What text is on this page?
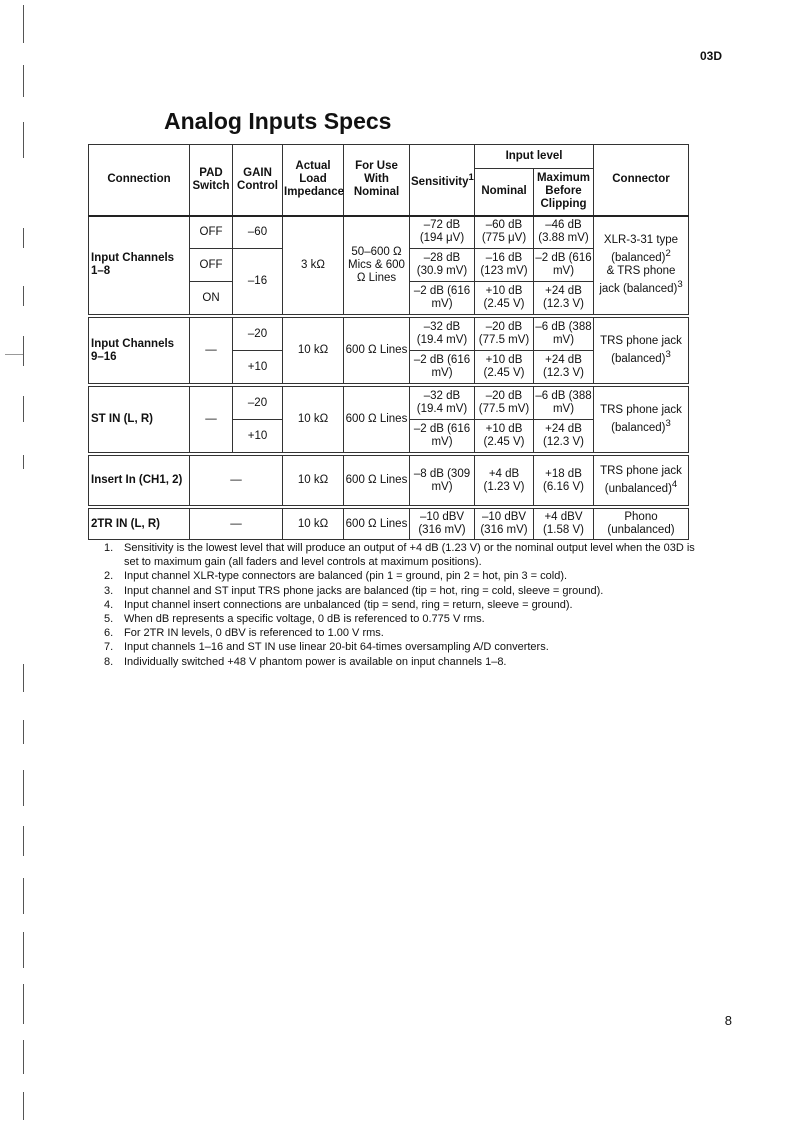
03D
Analog Inputs Specs
Connection	PAD Switch	GAIN Control	Actual Load Impedance	For Use With Nominal	Sensitivity$^1$	Input level		Connector
						Nominal	Maximum Before Clipping	
Input Channels 1–8	OFF	–60	3 kΩ	50–600 Ω Mics & 600 Ω Lines	–72 dB (194 μV)	–60 dB (775 μV)	–46 dB (3.88 mV)	XLR-3-31 type (balanced)$^2$
& TRS phone jack (balanced)$^3$
	OFF	–16			–28 dB (30.9 mV)	–16 dB (123 mV)	–2 dB (616 mV)	
	ON				–2 dB (616 mV)	+10 dB (2.45 V)	+24 dB (12.3 V)	

Input Channels 9–16	—	–20	10 kΩ	600 Ω Lines	–32 dB (19.4 mV)	–20 dB (77.5 mV)	–6 dB (388 mV)	TRS phone jack (balanced)$^3$
		+10			–2 dB (616 mV)	+10 dB (2.45 V)	+24 dB (12.3 V)	

ST IN (L, R)	—	–20	10 kΩ	600 Ω Lines	–32 dB (19.4 mV)	–20 dB (77.5 mV)	–6 dB (388 mV)	TRS phone jack (balanced)$^3$
		+10			–2 dB (616 mV)	+10 dB (2.45 V)	+24 dB (12.3 V)	

Insert In (CH1, 2)	—		10 kΩ	600 Ω Lines	–8 dB (309 mV)	+4 dB (1.23 V)	+18 dB (6.16 V)	TRS phone jack (unbalanced)$^4$

2TR IN (L, R)	—		10 kΩ	600 Ω Lines	–10 dBV (316 mV)	–10 dBV (316 mV)	+4 dBV (1.58 V)	Phono (unbalanced)
1. Sensitivity is the lowest level that will produce an output of +4 dB (1.23 V) or the nominal output level when the 03D is set to maximum gain (all faders and level controls at maximum positions).
2. Input channel XLR-type connectors are balanced (pin 1 = ground, pin 2 = hot, pin 3 = cold).
3. Input channel and ST input TRS phone jacks are balanced (tip = hot, ring = cold, sleeve = ground).
4. Input channel insert connections are unbalanced (tip = send, ring = return, sleeve = ground).
5. When dB represents a specific voltage, 0 dB is referenced to 0.775 V rms.
6. For 2TR IN levels, 0 dBV is referenced to 1.00 V rms.
7. Input channels 1–16 and ST IN use linear 20-bit 64-times oversampling A/D converters.
8. Individually switched +48 V phantom power is available on input channels 1–8.
8
